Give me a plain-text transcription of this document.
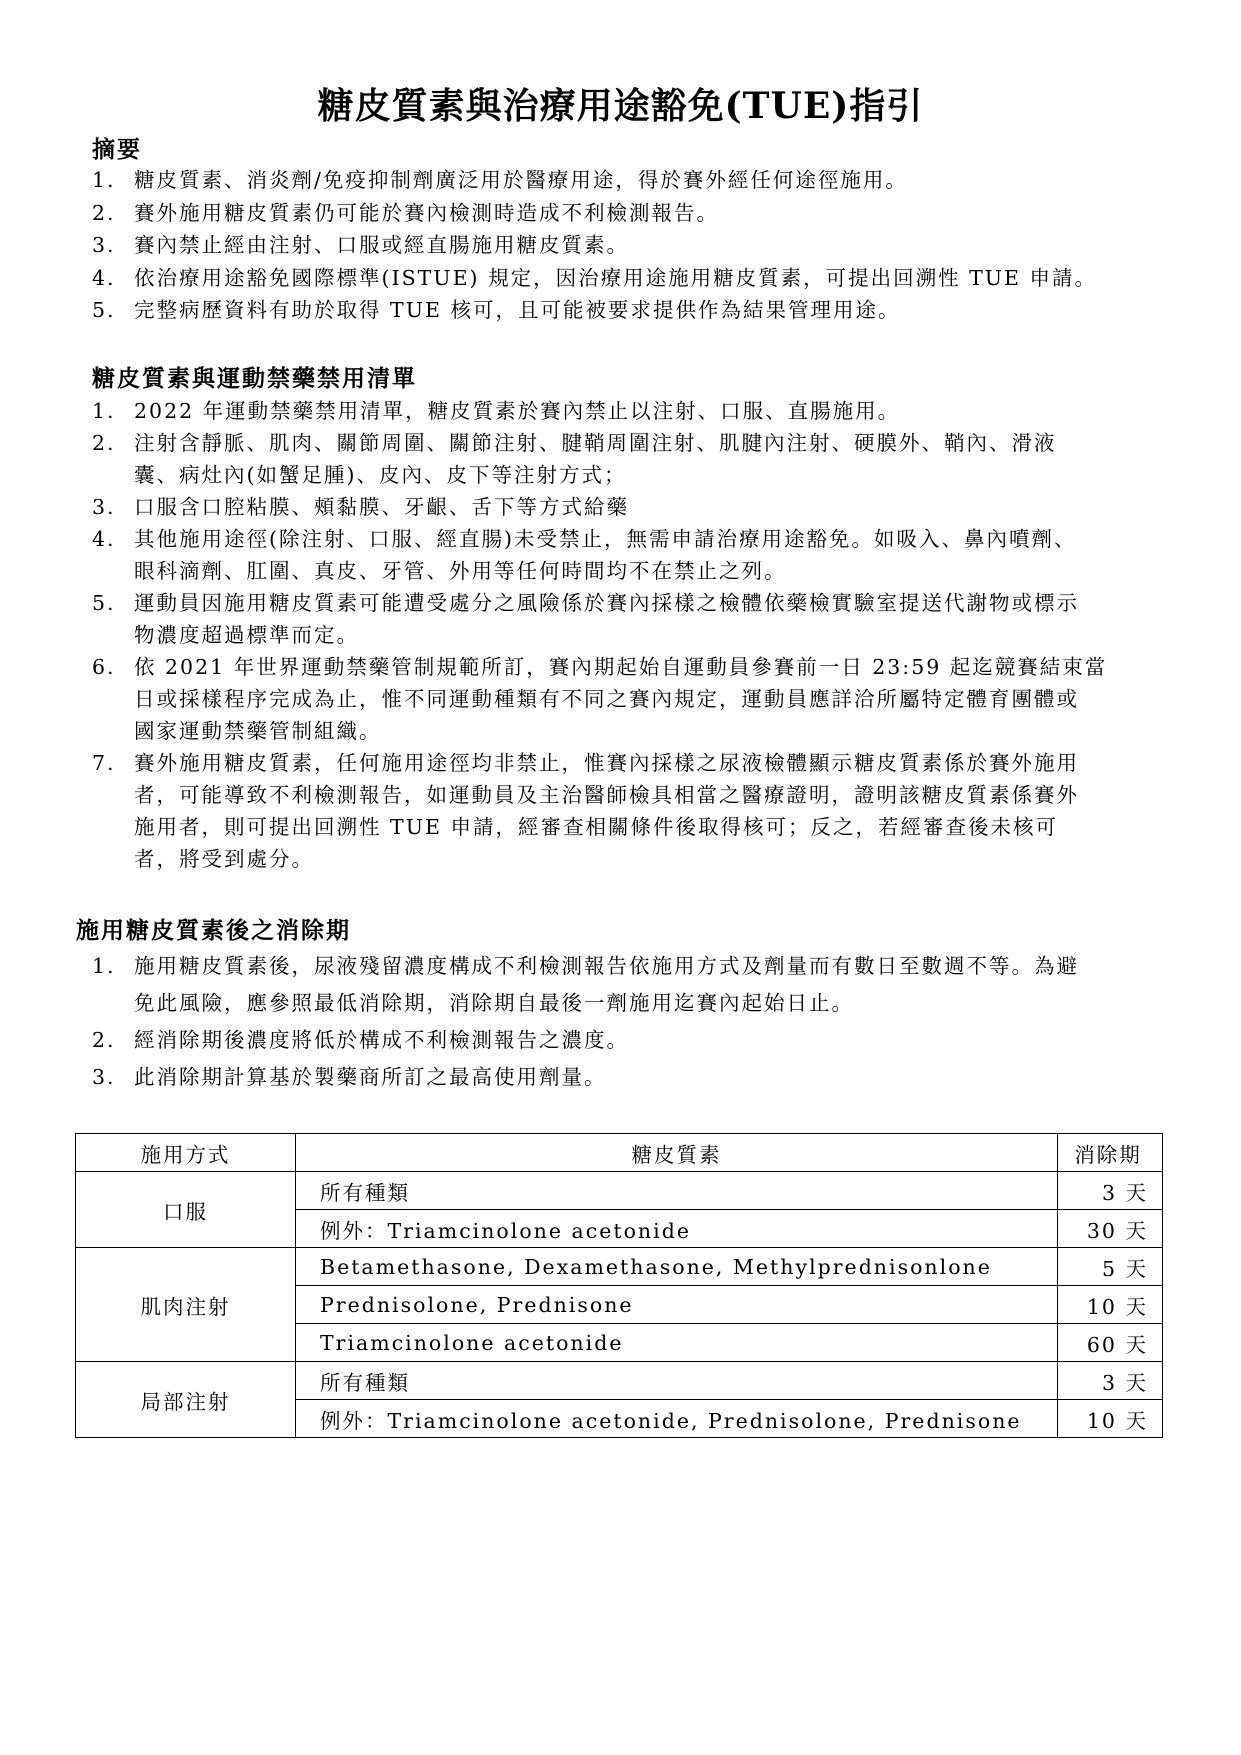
糖皮質素與治療用途豁免(TUE)指引
摘要
1. 糖皮質素、消炎劑/免疫抑制劑廣泛用於醫療用途，得於賽外經任何途徑施用。
2. 賽外施用糖皮質素仍可能於賽內檢測時造成不利檢測報告。
3. 賽內禁止經由注射、口服或經直腸施用糖皮質素。
4. 依治療用途豁免國際標準(ISTUE) 規定，因治療用途施用糖皮質素，可提出回溯性 TUE 申請。
5. 完整病歷資料有助於取得 TUE 核可，且可能被要求提供作為結果管理用途。
糖皮質素與運動禁藥禁用清單
1. 2022 年運動禁藥禁用清單，糖皮質素於賽內禁止以注射、口服、直腸施用。
2. 注射含靜脈、肌肉、關節周圍、關節注射、腱鞘周圍注射、肌腱內注射、硬膜外、鞘內、滑液
囊、病灶內(如蟹足腫)、皮內、皮下等注射方式；
3. 口服含口腔粘膜、頰黏膜、牙齦、舌下等方式給藥
4. 其他施用途徑(除注射、口服、經直腸)未受禁止，無需申請治療用途豁免。如吸入、鼻內噴劑、
眼科滴劑、肛圍、真皮、牙管、外用等任何時間均不在禁止之列。
5. 運動員因施用糖皮質素可能遭受處分之風險係於賽內採樣之檢體依藥檢實驗室提送代謝物或標示
物濃度超過標準而定。
6. 依 2021 年世界運動禁藥管制規範所訂，賽內期起始自運動員參賽前一日 23:59 起迄競賽結束當
日或採樣程序完成為止，惟不同運動種類有不同之賽內規定，運動員應詳洽所屬特定體育團體或
國家運動禁藥管制組織。
7. 賽外施用糖皮質素，任何施用途徑均非禁止，惟賽內採樣之尿液檢體顯示糖皮質素係於賽外施用
者，可能導致不利檢測報告，如運動員及主治醫師檢具相當之醫療證明，證明該糖皮質素係賽外
施用者，則可提出回溯性 TUE 申請，經審查相關條件後取得核可；反之，若經審查後未核可
者，將受到處分。
施用糖皮質素後之消除期
1. 施用糖皮質素後，尿液殘留濃度構成不利檢測報告依施用方式及劑量而有數日至數週不等。為避
免此風險，應參照最低消除期，消除期自最後一劑施用迄賽內起始日止。
2. 經消除期後濃度將低於構成不利檢測報告之濃度。
3. 此消除期計算基於製藥商所訂之最高使用劑量。
施用方式	糖皮質素	消除期
口服	所有種類	3 天
	例外：Triamcinolone acetonide	30 天
肌肉注射	Betamethasone, Dexamethasone, Methylprednisonlone	5 天
	Prednisolone, Prednisone	10 天
	Triamcinolone acetonide	60 天
局部注射	所有種類	3 天
	例外：Triamcinolone acetonide, Prednisolone, Prednisone	10 天
